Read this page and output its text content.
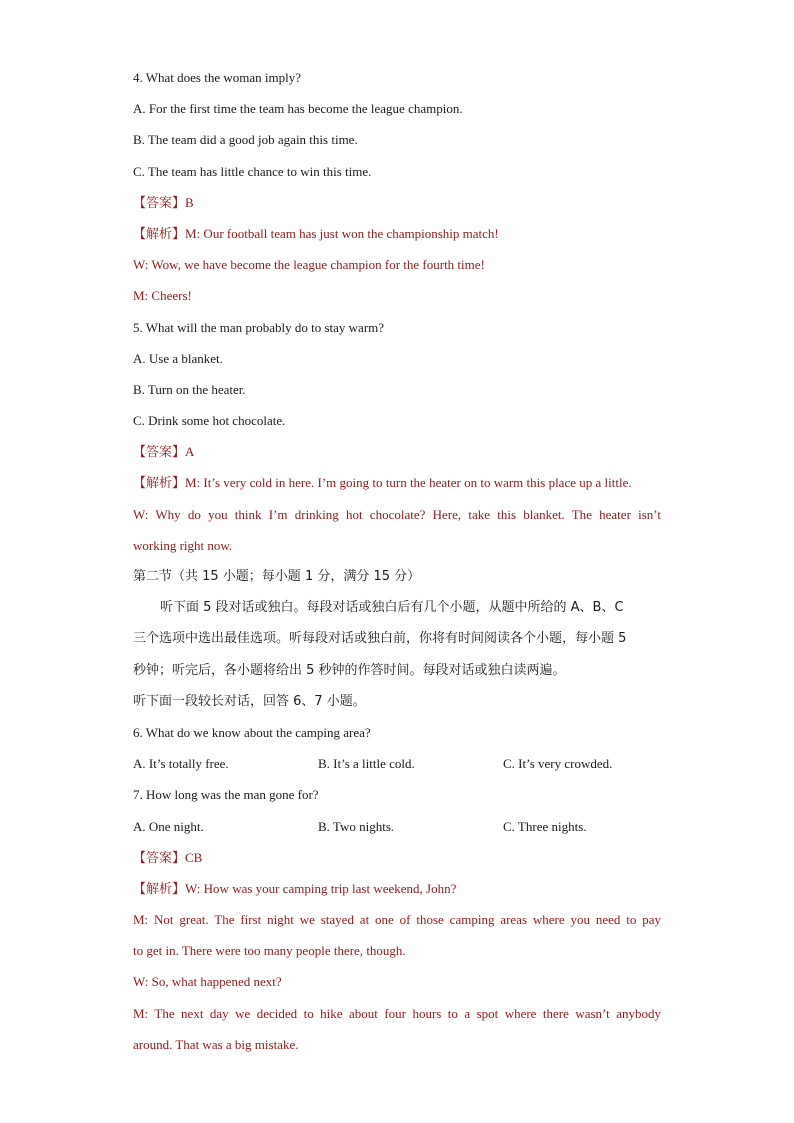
4. What does the woman imply?
A. For the first time the team has become the league champion.
B. The team did a good job again this time.
C. The team has little chance to win this time.
【答案】B
【解析】M: Our football team has just won the championship match!
W: Wow, we have become the league champion for the fourth time!
M: Cheers!
5. What will the man probably do to stay warm?
A. Use a blanket.
B. Turn on the heater.
C. Drink some hot chocolate.
【答案】A
【解析】M: It’s very cold in here. I’m going to turn the heater on to warm this place up a little.
W: Why do you think I’m drinking hot chocolate? Here, take this blanket. The heater isn’t
working right now.
第二节（共 15 小题；每小题 1 分，满分 15 分）
听下面 5 段对话或独白。每段对话或独白后有几个小题，从题中所给的 A、B、C
三个选项中选出最佳选项。听每段对话或独白前，你将有时间阅读各个小题，每小题 5
秒钟；听完后，各小题将给出 5 秒钟的作答时间。每段对话或独白读两遍。
听下面一段较长对话，回答 6、7 小题。
6. What do we know about the camping area?
A. It’s totally free.	B. It’s a little cold.	C. It’s very crowded.
7. How long was the man gone for?
A. One night.	B. Two nights.	C. Three nights.
【答案】CB
【解析】W: How was your camping trip last weekend, John?
M: Not great. The first night we stayed at one of those camping areas where you need to pay
to get in. There were too many people there, though.
W: So, what happened next?
M: The next day we decided to hike about four hours to a spot where there wasn’t anybody
around. That was a big mistake.
